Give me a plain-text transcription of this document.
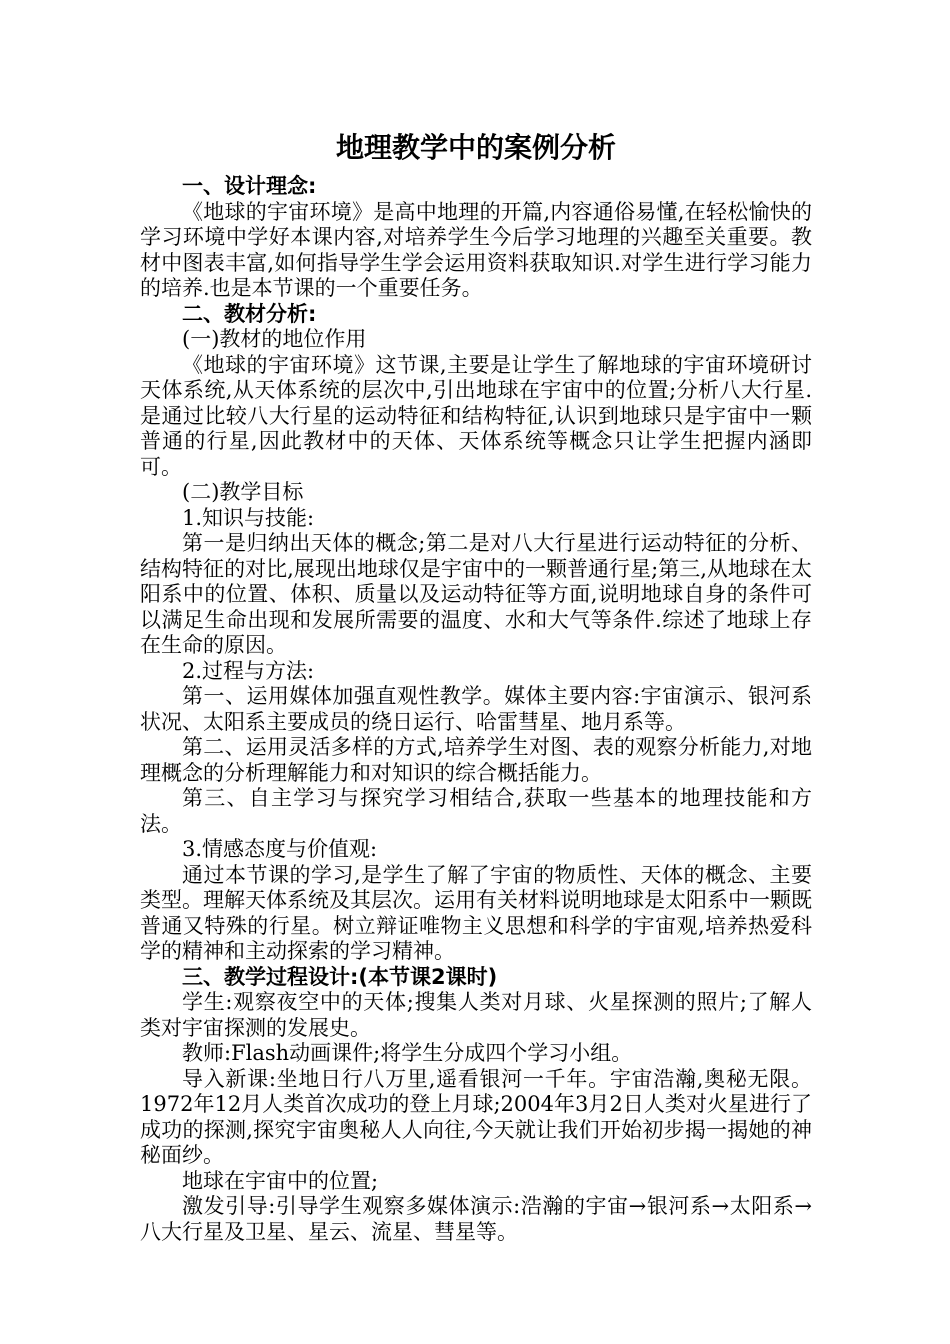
地理教学中的案例分析

一、设计理念:

《地球的宇宙环境》是高中地理的开篇,内容通俗易懂,在轻松愉快的学习环境中学好本课内容,对培养学生今后学习地理的兴趣至关重要。教材中图表丰富,如何指导学生学会运用资料获取知识.对学生进行学习能力的培养.也是本节课的一个重要任务。

二、教材分析:

(一)教材的地位作用

《地球的宇宙环境》这节课,主要是让学生了解地球的宇宙环境研讨天体系统,从天体系统的层次中,引出地球在宇宙中的位置;分析八大行星.是通过比较八大行星的运动特征和结构特征,认识到地球只是宇宙中一颗普通的行星,因此教材中的天体、天体系统等概念只让学生把握内涵即可。

(二)教学目标

1.知识与技能:

第一是归纳出天体的概念;第二是对八大行星进行运动特征的分析、结构特征的对比,展现出地球仅是宇宙中的一颗普通行星;第三,从地球在太阳系中的位置、体积、质量以及运动特征等方面,说明地球自身的条件可以满足生命出现和发展所需要的温度、水和大气等条件.综述了地球上存在生命的原因。

2.过程与方法:

第一、运用媒体加强直观性教学。媒体主要内容:宇宙演示、银河系状况、太阳系主要成员的绕日运行、哈雷彗星、地月系等。

第二、运用灵活多样的方式,培养学生对图、表的观察分析能力,对地理概念的分析理解能力和对知识的综合概括能力。

第三、自主学习与探究学习相结合,获取一些基本的地理技能和方法。

3.情感态度与价值观:

通过本节课的学习,是学生了解了宇宙的物质性、天体的概念、主要类型。理解天体系统及其层次。运用有关材料说明地球是太阳系中一颗既普通又特殊的行星。树立辩证唯物主义思想和科学的宇宙观,培养热爱科学的精神和主动探索的学习精神。

三、教学过程设计:(本节课2课时)

学生:观察夜空中的天体;搜集人类对月球、火星探测的照片;了解人类对宇宙探测的发展史。

教师:Flash动画课件;将学生分成四个学习小组。

导入新课:坐地日行八万里,遥看银河一千年。宇宙浩瀚,奥秘无限。1972年12月人类首次成功的登上月球;2004年3月2日人类对火星进行了成功的探测,探究宇宙奥秘人人向往,今天就让我们开始初步揭一揭她的神秘面纱。

地球在宇宙中的位置;

激发引导:引导学生观察多媒体演示:浩瀚的宇宙→银河系→太阳系→八大行星及卫星、星云、流星、彗星等。
